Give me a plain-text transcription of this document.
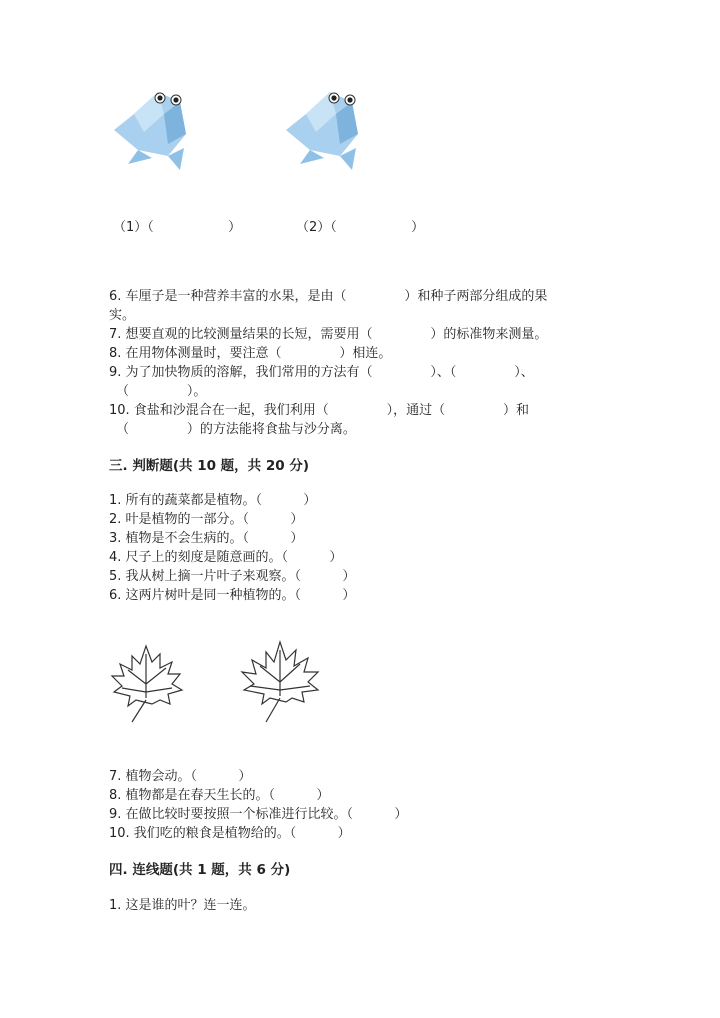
（1）（                  ）	（2）（                  ）
6. 车厘子是一种营养丰富的水果，是由（              ）和种子两部分组成的果
实。
7. 想要直观的比较测量结果的长短，需要用（              ）的标准物来测量。
8. 在用物体测量时，要注意（              ）相连。
9. 为了加快物质的溶解，我们常用的方法有（              ）、（              ）、
（              ）。
10. 食盐和沙混合在一起，我们利用（              ），通过（              ）和
（              ）的方法能将食盐与沙分离。
三. 判断题(共 10 题，共 20 分)
1. 所有的蔬菜都是植物。（          ）
2. 叶是植物的一部分。（          ）
3. 植物是不会生病的。（          ）
4. 尺子上的刻度是随意画的。（          ）
5. 我从树上摘一片叶子来观察。（          ）
6. 这两片树叶是同一种植物的。（          ）
7. 植物会动。（          ）
8. 植物都是在春天生长的。（          ）
9. 在做比较时要按照一个标准进行比较。（          ）
10. 我们吃的粮食是植物给的。（          ）
四. 连线题(共 1 题，共 6 分)
1. 这是谁的叶？连一连。
